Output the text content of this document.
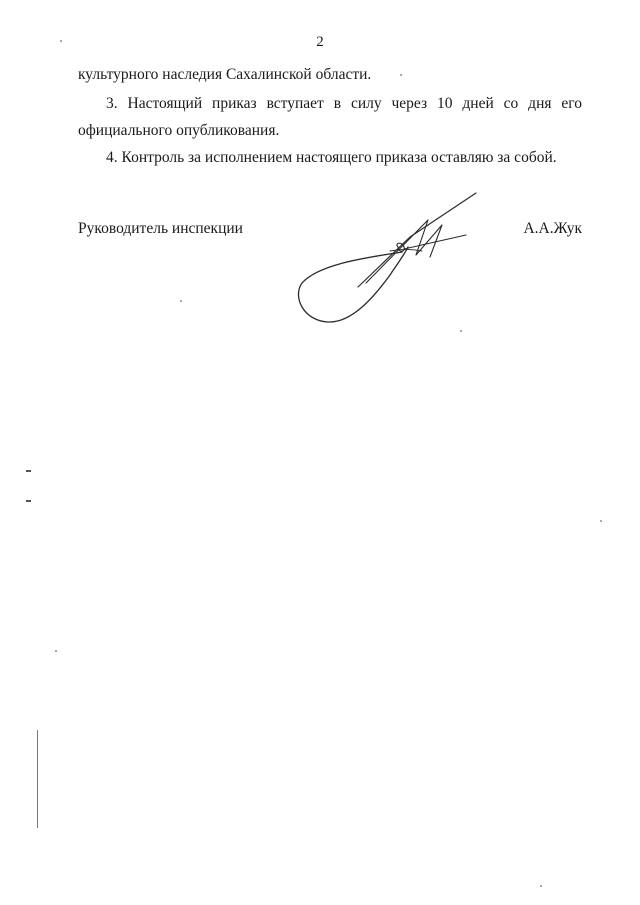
2
культурного наследия Сахалинской области.
3. Настоящий приказ вступает в силу через 10 дней со дня его
официального опубликования.
4. Контроль за исполнением настоящего приказа оставляю за собой.
Руководитель инспекции	А.А.Жук
